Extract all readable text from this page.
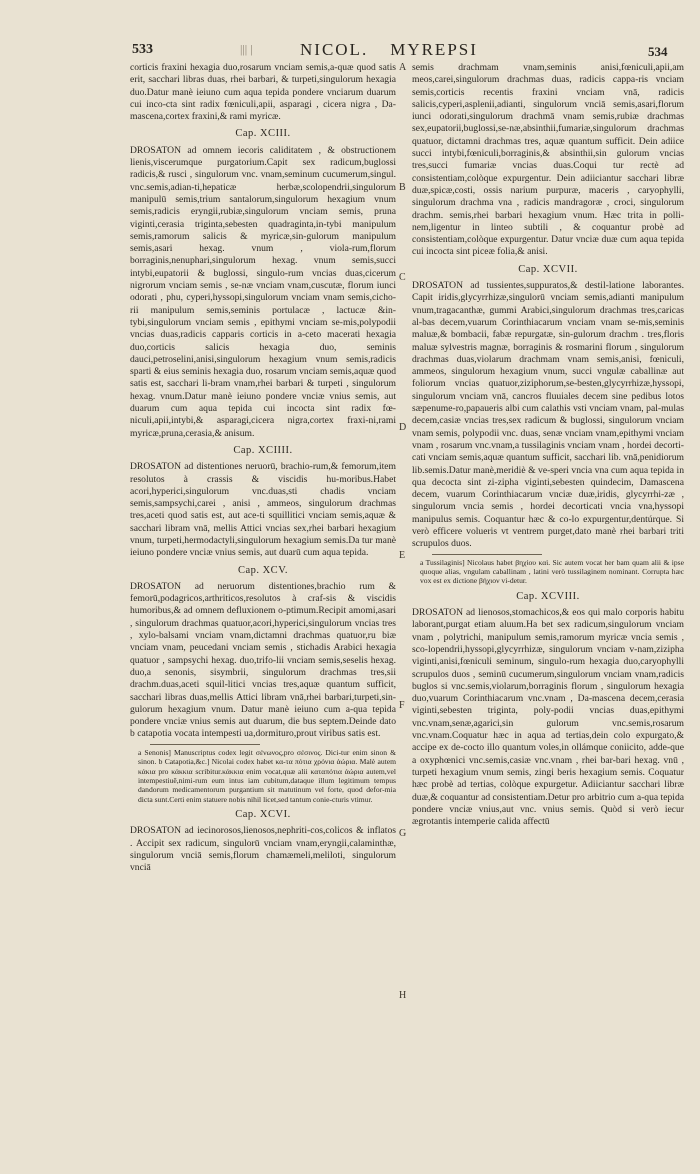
533	||| |	NICOL. MYREPSI	534
A
B
C
D
E
F
G
H

corticis fraxini hexagia duo,rosarum vnciam semis,a-quæ quod satis erit, sacchari libras duas, rhei barbari, & turpeti,singulorum hexagia duo.Datur manè ieiuno cum aqua tepida pondere vnciarum duarum cui inco-cta sint radix fœniculi,apii, asparagi , cicera nigra , Da-mascena,cortex fraxini,& rami myricæ.

Cap. XCIII.

DROSATON ad omnem iecoris caliditatem , & obstructionem lienis,viscerumque purgatorium.Capit sex radicum,buglossi radicis,& rusci , singulorum vnc. vnam,seminum cucumerum,singul. vnc.semis,adian-ti,hepaticæ herbæ,scolopendrii,singulorum manipulū semis,trium santalorum,singulorum hexagium vnum semis,radicis eryngii,rubiæ,singulorum vnciam semis, pruna viginti,cerasia triginta,sebesten quadraginta,in-tybi manipulum semis,ramorum salicis & myricæ,sin-gulorum manipulum semis,asari hexag. vnum , viola-rum,florum borraginis,nenuphari,singulorum hexag. vnum semis,succi intybi,eupatorii & buglossi, singulo-rum vncias duas,cicerum nigrorum vnciam semis , se-næ vnciam vnam,cuscutæ, florum iunci odorati , phu, cyperi,hyssopi,singulorum vnciam vnam semis,cicho-rii manipulum semis,seminis portulacæ , lactucæ &in-tybi,singulorum vnciam semis , epithymi vnciam se-mis,polypodii vncias duas,radicis capparis corticis in a-ceto macerati hexagia duo,corticis salicis hexagia duo, seminis dauci,petroselini,anisi,singulorum hexagium vnum semis,radicis sparti & eius seminis hexagia duo, rosarum vnciam semis,aquæ quod satis est, sacchari li-bram vnam,rhei barbari & turpeti , singulorum hexag. vnum.Datur manè ieiuno pondere vnciæ vnius semis, aut duarum cum aqua tepida cui incocta sint radix fœ-niculi,apii,intybi,& asparagi,cicera nigra,cortex fraxi-ni,rami myricæ,pruna,cerasia,& anisum.

Cap. XCIIII.

DROSATON ad distentiones neruorū, brachio-rum,& femorum,item resolutos à crassis & viscidis hu-moribus.Habet acori,hyperici,singulorum vnc.duas,sti chadis vnciam semis,sampsychi,carei , anisi , ammeos, singulorum drachmas tres,aceti quod satis est, aut ace-ti squillitici vnciam semis,aquæ & sacchari libram vnā, mellis Attici vncias sex,rhei barbari hexagium vnum, turpeti,hermodactyli,singulorum hexagium semis.Da tur manè ieiuno pondere vnciæ vnius semis, aut duarū cum aqua tepida.

Cap. XCV.

DROSATON ad neruorum distentiones,brachio rum & femorū,podagricos,arthriticos,resolutos à craf-sis & viscidis humoribus,& ad omnem defluxionem o-ptimum.Recipit amomi,asari , singulorum drachmas quatuor,acori,hyperici,singulorum vncias tres , xylo-balsami vnciam vnam,dictamni drachmas quatuor,ru biæ vnciam vnam, peucedani vnciam semis , stichadis Arabici hexagia quatuor , sampsychi hexag. duo,trifo-lii vnciam semis,seselis hexag. duo,a senonis, sisymbrii, singulorum drachmas tres,sii drachm.duas,aceti squil-litici vncias tres,aquæ quantum sufficit, sacchari libras duas,mellis Attici libram vnā,rhei barbari,turpeti,sin-gulorum hexagium vnum. Datur manè ieiuno cum a-qua tepida pondere vnciæ vnius semis aut duarum, die bus septem.Deinde dato b catapotia vocata intempesti ua,dormituro,prout viribus satis est.

a Senonis] Manuscriptus codex legit σένωνος,pro σέσινος. Dici-tur enim sinon & sinon. b Catapotia,&c.] Nicolai codex habet κα-τα πότια χρόνια ἀώρια. Malè autem κάκια pro κάκκια scribitur.κάκκια enim vocat,quæ alii καταπότια ἀώρια autem,vel intempestiuē,nimi-rum eum intus iam cubitum,dataque illum legitimum tempus dandorum medicamentorum purgantium sit matutinum vel forte, quod defor-mia dicta sunt.Certi enim statuere nobis nihil licet,sed tantum conie-cturis vtimur.

Cap. XCVI.

DROSATON ad iecinorosos,lienosos,nephriti-cos,colicos & inflatos . Accipit sex radicum, singulorū vnciam vnam,eryngii,calaminthæ, singulorum vnciā semis,florum chamæmeli,meliloti, singulorum vnciā

semis drachmam vnam,seminis anisi,fœniculi,apii,am meos,carei,singulorum drachmas duas, radicis cappa-ris vnciam semis,corticis recentis fraxini vnciam vnā, radicis salicis,cyperi,asplenii,adianti, singulorum vnciā semis,asari,florum iunci odorati,singulorum drachmā vnam semis,rubiæ drachmas sex,eupatorii,buglossi,se-næ,absinthii,fumariæ,singulorum drachmas quatuor, dictamni drachmas tres, aquæ quantum sufficit. Dein adiice succi intybi,fœniculi,borraginis,& absinthii,sin gulorum vncias tres,succi fumariæ vncias duas.Coqui tur rectè ad consistentiam,colòque expurgentur. Dein adiiciantur sacchari libræ duæ,spicæ,costi, ossis narium purpuræ, maceris , caryophylli, singulorum drachma vna , radicis mandragoræ , croci, singulorum drachm. semis,rhei barbari hexagium vnum. Hæc trita in polli-nem,ligentur in linteo subtili , & coquantur probè ad consistentiam,colòque expurgentur. Datur vnciæ duæ cum aqua tepida cui incocta sint piceæ folia,& anisi.

Cap. XCVII.

DROSATON ad tussientes,suppuratos,& destil-latione laborantes. Capit iridis,glycyrrhizæ,singulorū vnciam semis,adianti manipulum vnum,tragacanthæ, gummi Arabici,singulorum drachmas tres,caricas al-bas decem,vuarum Corinthiacarum vnciam vnam se-mis,seminis maluæ,& bombacii, fabæ repurgatæ, sin-gulorum drachm . tres,floris maluæ sylvestris magnæ, borraginis & rosmarini florum , singulorum drachmas duas,violarum drachmam vnam semis,anisi, fœniculi, ammeos, singulorum hexagium vnum, succi vngulæ caballinæ aut foliorum vncias quatuor,ziziphorum,se-besten,glycyrrhizæ,hyssopi, singulorum vnciam vnā, cancros fluuiales decem sine pedibus lotos sæpenume-ro,papaueris albi cum calathis vsti vnciam vnam, pal-mulas decem,casiæ vncias tres,sex radicum & buglossi, singulorum vnciam vnam semis, polypodii vnc. duas, senæ vnciam vnam,epithymi vnciam vnam , rosarum vnc.vnam,a tussilaginis vnciam vnam , hordei decorti-cati vnciam semis,aquæ quantum sufficit, sacchari lib. vnā,penidiorum lib.semis.Datur manè,meridiè & ve-speri vncia vna cum aqua tepida in qua decocta sint zi-zipha viginti,sebesten quindecim, Damascena decem, vuarum Corinthiacarum vnciæ duæ,iridis, glycyrrhi-zæ , singulorum vncia semis , hordei decorticati vncia vna,hyssopi manipulus semis. Coquantur hæc & co-lo expurgentur,dentúrque. Si verò efficere volueris vt ventrem purget,dato manè rhei barbari triti scrupulos duos.

a Tussilaginis] Nicolaus habet βηχίου καὶ. Sic autem vocat her bam quam alii & ipse quoque alias, vngulam caballinam , latini verò tussilaginem nominant. Corrupta hæc vox est ex dictione βήχιον vi-detur.

Cap. XCVIII.

DROSATON ad lienosos,stomachicos,& eos qui malo corporis habitu laborant,purgat etiam aluum.Ha bet sex radicum,singulorum vnciam vnam , polytrichi, manipulum semis,ramorum myricæ vncia semis , sco-lopendrii,hyssopi,glycyrrhizæ, singulorum vnciam v-nam,zizipha viginti,anisi,fœniculi seminum, singulo-rum hexagia duo,caryophylli scrupulos duos , seminū cucumerum,singulorum vnciam vnam,radicis buglos si vnc.semis,violarum,borraginis florum , singulorum hexagia duo,vuarum Corinthiacarum vnc.vnam , Da-mascena decem,cerasia viginti,sebesten triginta, poly-podii vncias duas,epithymi vnc.vnam,senæ,agarici,sin gulorum vnc.semis,rosarum vnc.vnam.Coquatur hæc in aqua ad tertias,dein colo expurgato,& accipe ex de-cocto illo quantum voles,in ollámque coniicito, adde-que a oxyphœnici vnc.semis,casiæ vnc.vnam , rhei bar-bari hexag. vnū , turpeti hexagium vnum semis, zingi beris hexagium semis. Coquatur hæc probè ad tertias, colòque expurgetur. Adiiciantur sacchari libræ duæ,& coquantur ad consistentiam.Detur pro arbitrio cum a-qua tepida pondere vnciæ vnius,aut vnc. vnius semis. Quòd si verò iecur ægrotantis intemperie calida affectū
